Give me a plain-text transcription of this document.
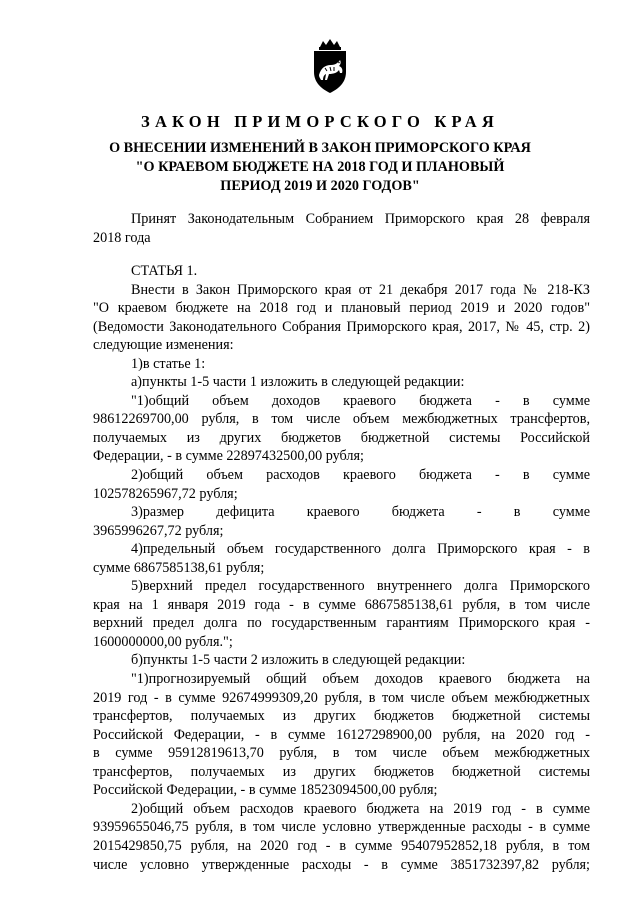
ЗАКОН ПРИМОРСКОГО КРАЯ
О ВНЕСЕНИИ ИЗМЕНЕНИЙ В ЗАКОН ПРИМОРСКОГО КРАЯ
"О КРАЕВОМ БЮДЖЕТЕ НА 2018 ГОД И ПЛАНОВЫЙ
ПЕРИОД 2019 И 2020 ГОДОВ"
Принят Законодательным Собранием Приморского края 28 февраля
2018 года
СТАТЬЯ 1.
Внести в Закон Приморского края от 21 декабря 2017 года № 218-КЗ
"О краевом бюджете на 2018 год и плановый период 2019 и 2020 годов"
(Ведомости Законодательного Собрания Приморского края, 2017, № 45, стр. 2)
следующие изменения:
1)в статье 1:
а)пункты 1-5 части 1 изложить в следующей редакции:
"1)общий объем доходов краевого бюджета - в сумме
98612269700,00 рубля, в том числе объем межбюджетных трансфертов,
получаемых из других бюджетов бюджетной системы Российской
Федерации, - в сумме 22897432500,00 рубля;
2)общий объем расходов краевого бюджета - в сумме
102578265967,72 рубля;
3)размер дефицита краевого бюджета - в сумме
3965996267,72 рубля;
4)предельный объем государственного долга Приморского края - в
сумме 6867585138,61 рубля;
5)верхний предел государственного внутреннего долга Приморского
края на 1 января 2019 года - в сумме 6867585138,61 рубля, в том числе
верхний предел долга по государственным гарантиям Приморского края -
1600000000,00 рубля.";
б)пункты 1-5 части 2 изложить в следующей редакции:
"1)прогнозируемый общий объем доходов краевого бюджета на
2019 год - в сумме 92674999309,20 рубля, в том числе объем межбюджетных
трансфертов, получаемых из других бюджетов бюджетной системы
Российской Федерации, - в сумме 16127298900,00 рубля, на 2020 год -
в сумме 95912819613,70 рубля, в том числе объем межбюджетных
трансфертов, получаемых из других бюджетов бюджетной системы
Российской Федерации, - в сумме 18523094500,00 рубля;
2)общий объем расходов краевого бюджета на 2019 год - в сумме
93959655046,75 рубля, в том числе условно утвержденные расходы - в сумме
2015429850,75 рубля, на 2020 год - в сумме 95407952852,18 рубля, в том
числе условно утвержденные расходы - в сумме 3851732397,82 рубля;
